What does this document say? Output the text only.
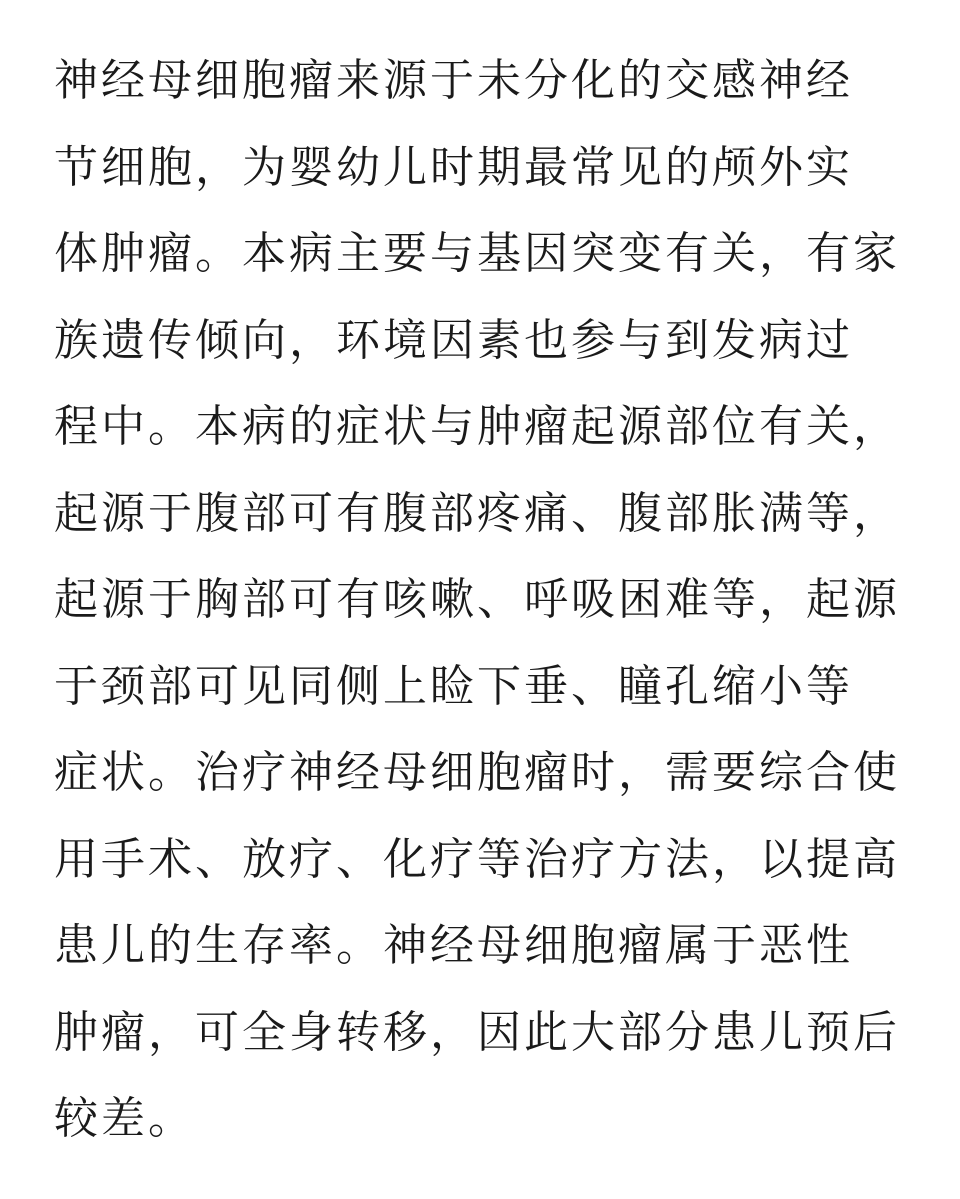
神经母细胞瘤来源于未分化的交感神经
节细胞，为婴幼儿时期最常见的颅外实
体肿瘤。本病主要与基因突变有关，有家
族遗传倾向，环境因素也参与到发病过
程中。本病的症状与肿瘤起源部位有关，
起源于腹部可有腹部疼痛、腹部胀满等，
起源于胸部可有咳嗽、呼吸困难等，起源
于颈部可见同侧上睑下垂、瞳孔缩小等
症状。治疗神经母细胞瘤时，需要综合使
用手术、放疗、化疗等治疗方法，以提高
患儿的生存率。神经母细胞瘤属于恶性
肿瘤，可全身转移，因此大部分患儿预后
较差。
